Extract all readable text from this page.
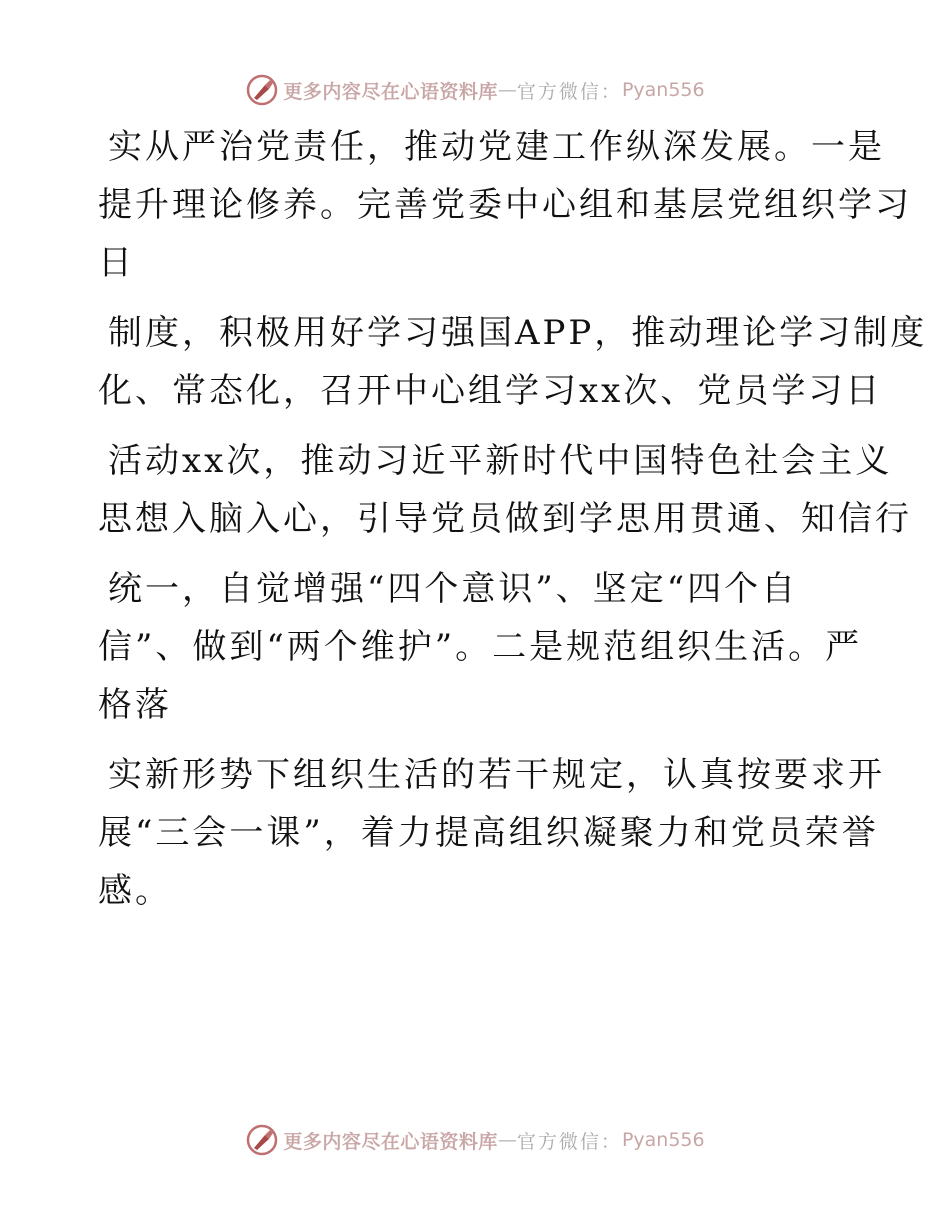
更多内容尽在心语资料库 — 官方微信： Pyan556
实从严治党责任，推动党建工作纵深发展。一是
提升理论修养。完善党委中心组和基层党组织学习
日
制度，积极用好学习强国APP，推动理论学习制度
化、常态化，召开中心组学习xx次、党员学习日
活动xx次，推动习近平新时代中国特色社会主义
思想入脑入心，引导党员做到学思用贯通、知信行
统一，自觉增强“四个意识”、坚定“四个自
信”、做到“两个维护”。二是规范组织生活。严
格落
实新形势下组织生活的若干规定，认真按要求开
展“三会一课”，着力提高组织凝聚力和党员荣誉
感。
更多内容尽在心语资料库 — 官方微信： Pyan556
